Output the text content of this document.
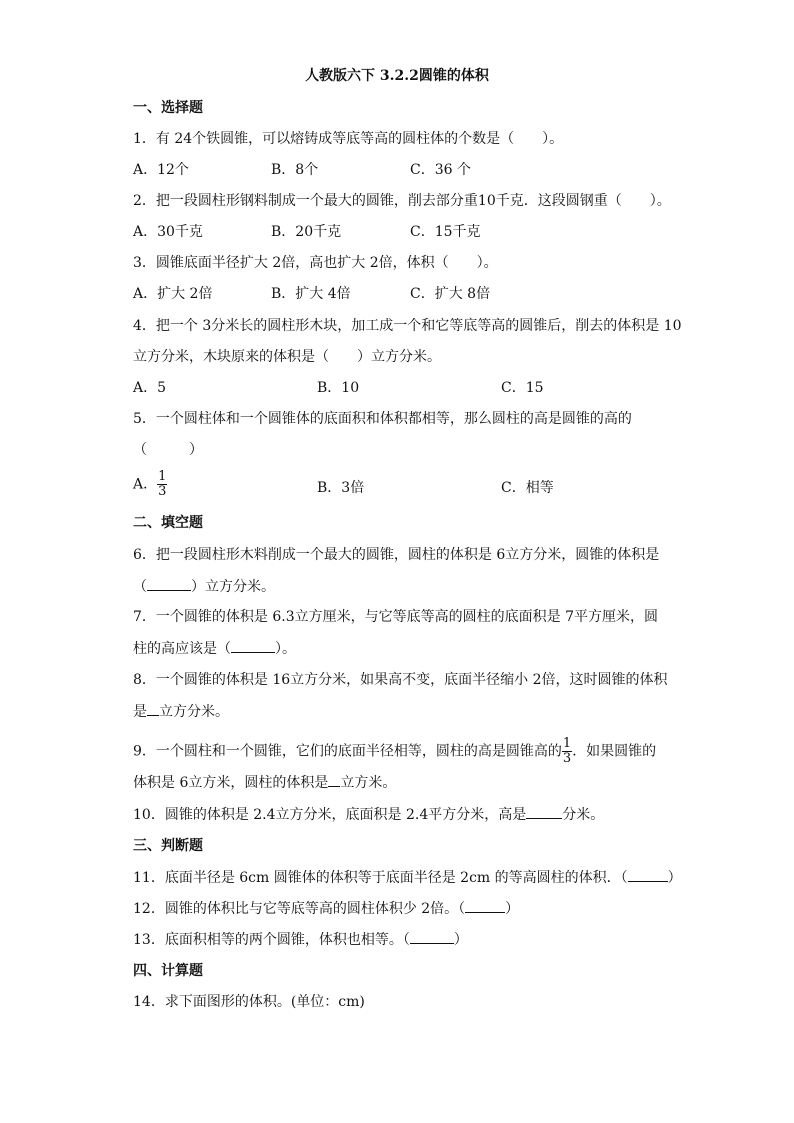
人教版六下 3.2.2圆锥的体积
一、选择题
1．有 24个铁圆锥，可以熔铸成等底等高的圆柱体的个数是（　　）。
A．12个	B．8个	C．36 个
2．把一段圆柱形钢料制成一个最大的圆锥，削去部分重10千克．这段圆钢重（　　）。
A．30千克	B．20千克	C．15千克
3．圆锥底面半径扩大 2倍，高也扩大 2倍，体积（　　）。
A．扩大 2倍	B．扩大 4倍	C．扩大 8倍
4．把一个 3分米长的圆柱形木块，加工成一个和它等底等高的圆锥后，削去的体积是 10
立方分米，木块原来的体积是（　　）立方分米。
A．5	B．10	C．15
5．一个圆柱体和一个圆锥体的底面积和体积都相等，那么圆柱的高是圆锥的高的
（　　　）
A． $\frac{1}{3}$	B．3倍	C．相等
二、填空题
6．把一段圆柱形木料削成一个最大的圆锥，圆柱的体积是 6立方分米，圆锥的体积是
（	）立方分米。
7．一个圆锥的体积是 6.3立方厘米，与它等底等高的圆柱的底面积是 7平方厘米，圆
柱的高应该是（	）。
8．一个圆锥的体积是 16立方分米，如果高不变，底面半径缩小 2倍，这时圆锥的体积
是 立方分米。
9．一个圆柱和一个圆锥，它们的底面半径相等，圆柱的高是圆锥高的 $\frac{1}{3}$ ．如果圆锥的
体积是 6立方米，圆柱的体积是 立方米。
10．圆锥的体积是 2.4立方分米，底面积是 2.4平方分米，高是	分米。
三、判断题
11．底面半径是 6cm 圆锥体的体积等于底面半径是 2cm 的等高圆柱的体积．（	）
12．圆锥的体积比与它等底等高的圆柱体积少 2倍。（	）
13．底面积相等的两个圆锥，体积也相等。（	）
四、计算题
14．求下面图形的体积。(单位：cm)
